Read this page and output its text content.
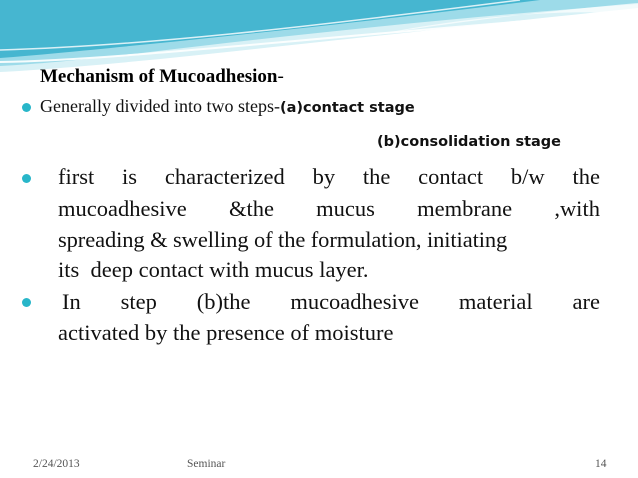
Mechanism of Mucoadhesion-
Generally divided into two steps-(a)contact stage
(b)consolidation stage
first is characterized by the contact b/w the
mucoadhesive &the mucus membrane ,with
spreading & swelling of the formulation, initiating
its  deep contact with mucus layer.
In step (b)the mucoadhesive material are
activated by the presence of moisture
2/24/2013	Seminar	14
